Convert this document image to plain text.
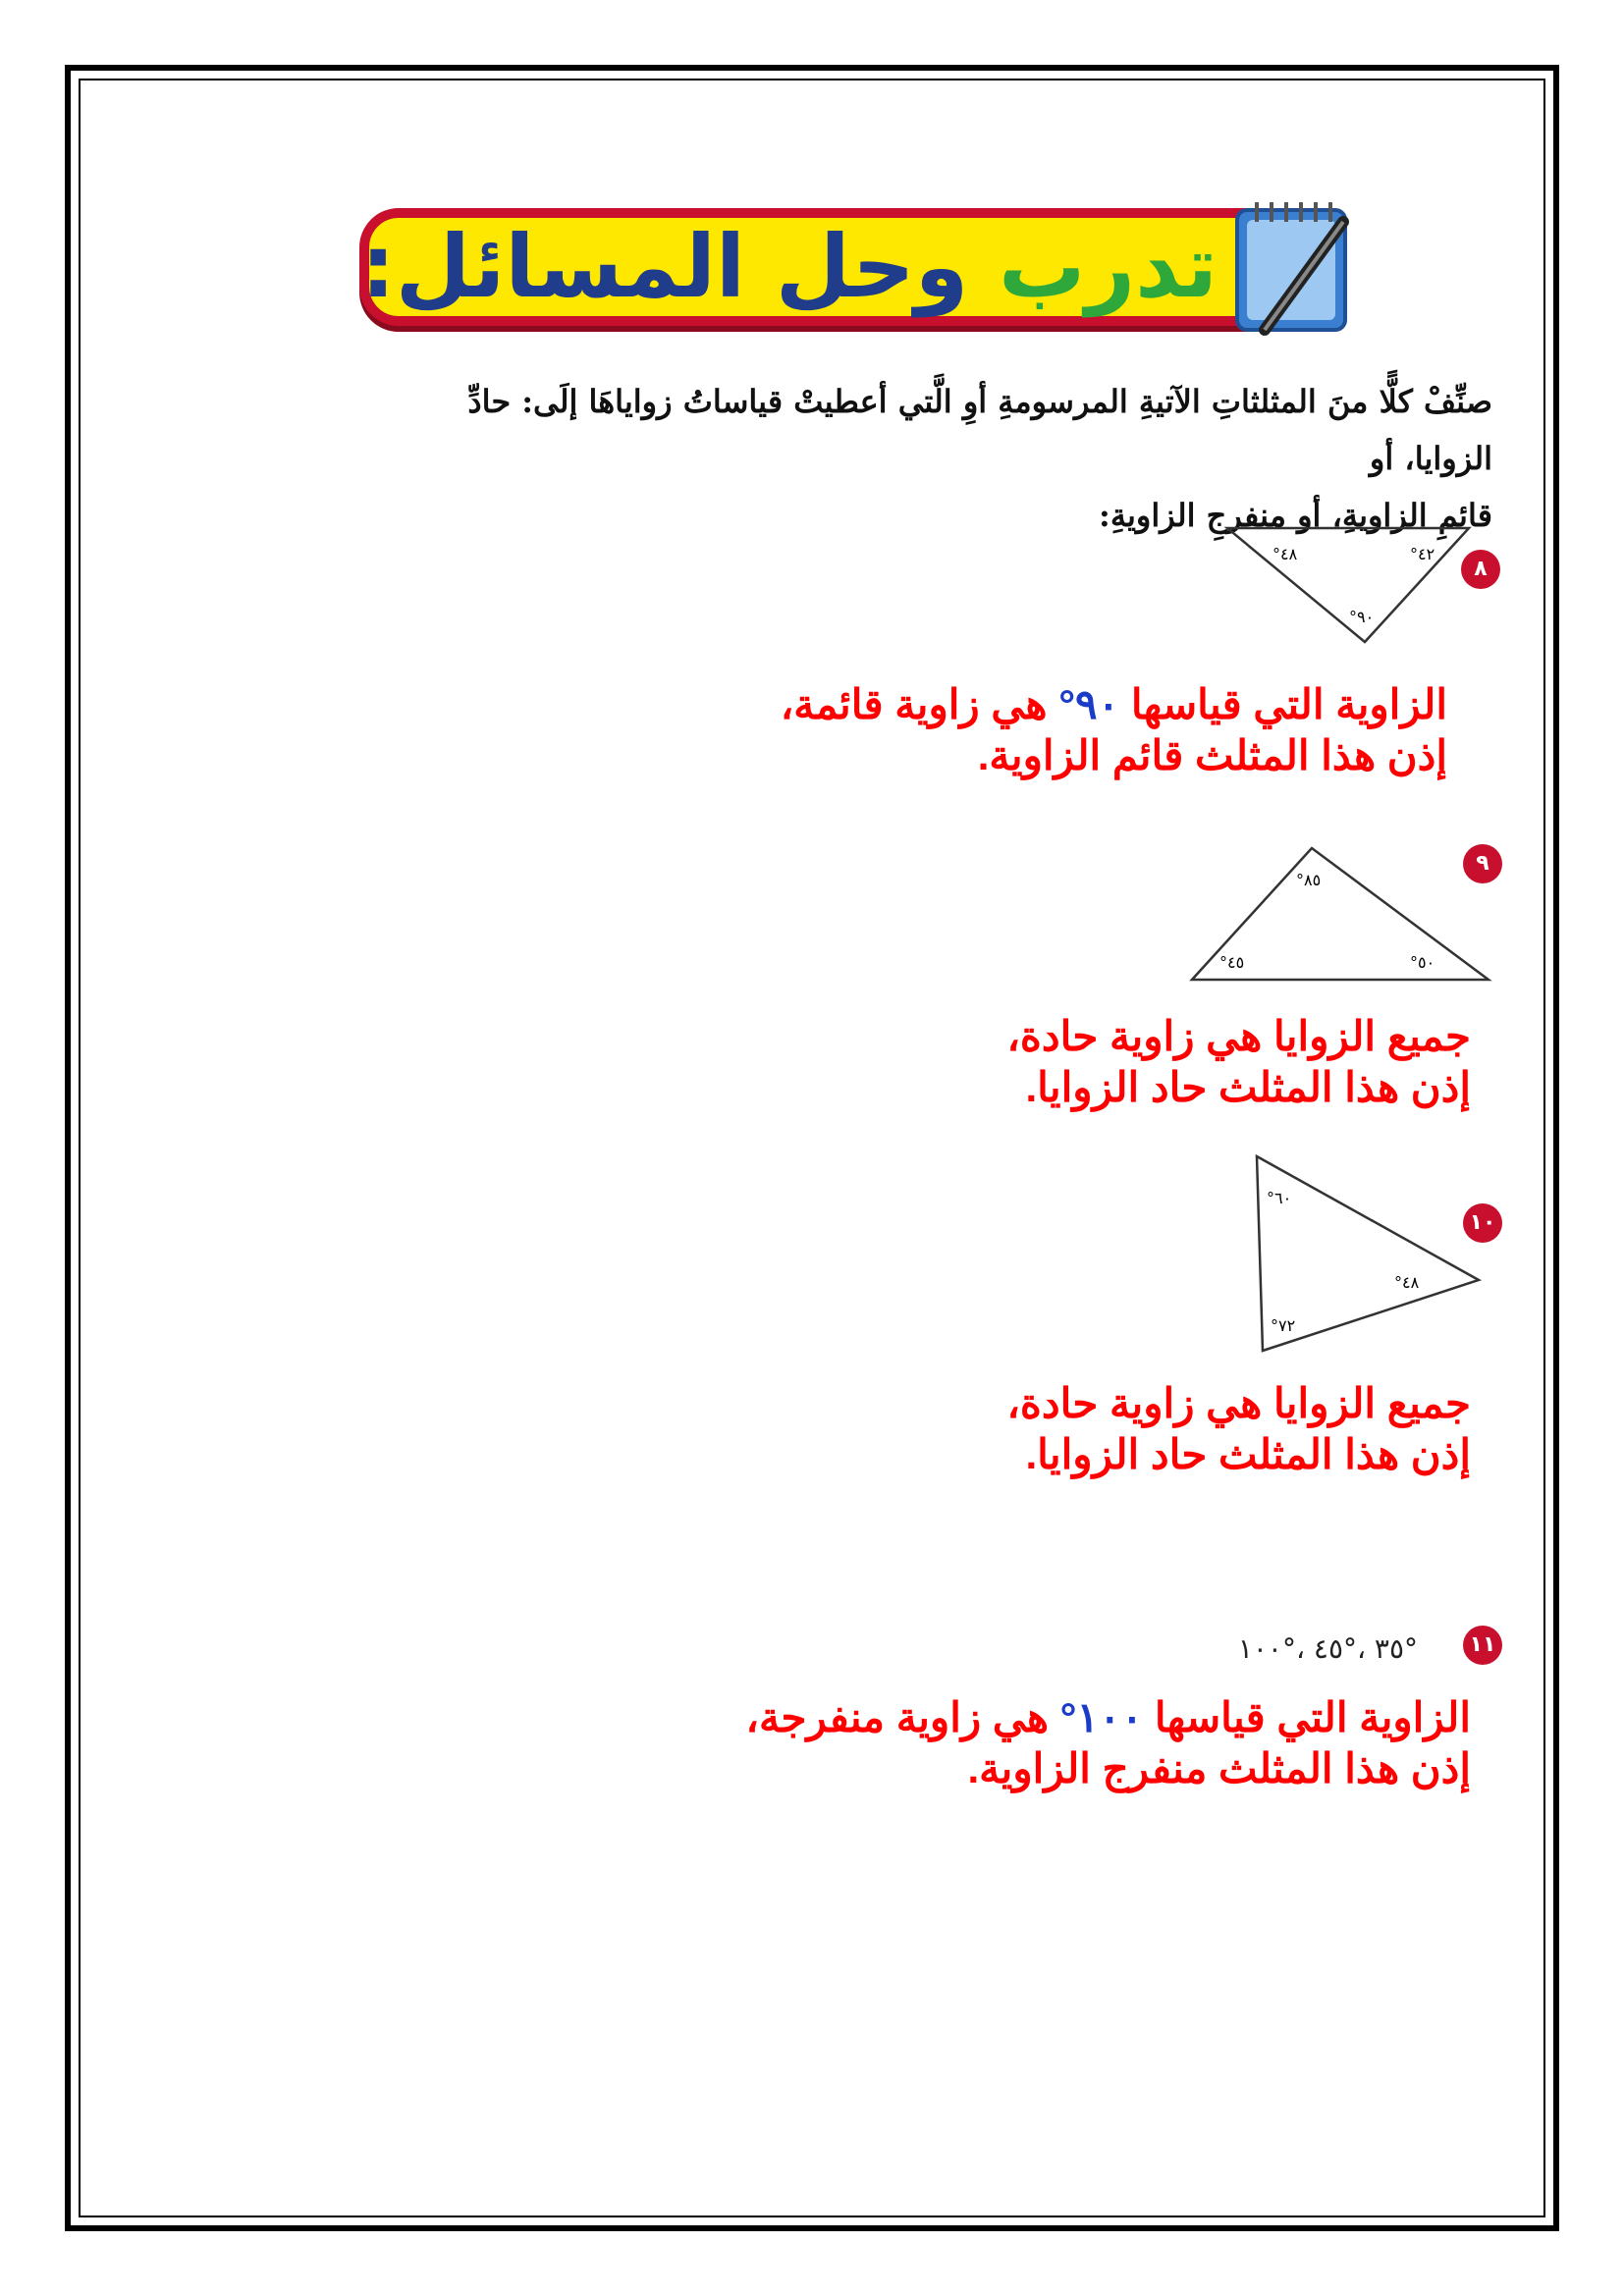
تدرب وحل المسائل:
صنِّفْ كلًّا منَ المثلثاتِ الآتيةِ المرسومةِ أوِ الَّتي أعطيتْ قياساتُ زواياهَا إلَى: حادِّ الزوايا، أو
قائمِ الزاويةِ، أو منفرجِ الزاويةِ:
٨
°٤٨	°٤٢
°٩٠
الزاوية التي قياسها ٩٠° هي زاوية قائمة،
إذن هذا المثلث قائم الزاوية.
٩
°٨٥
°٤٥	°٥٠
جميع الزوايا هي زاوية حادة،
إذن هذا المثلث حاد الزوايا.
١٠
°٦٠
°٤٨
°٧٢
جميع الزوايا هي زاوية حادة،
إذن هذا المثلث حاد الزوايا.
١١
°٣٥ ،°٤٥ ،°١٠٠
الزاوية التي قياسها ١٠٠° هي زاوية منفرجة،
إذن هذا المثلث منفرج الزاوية.
